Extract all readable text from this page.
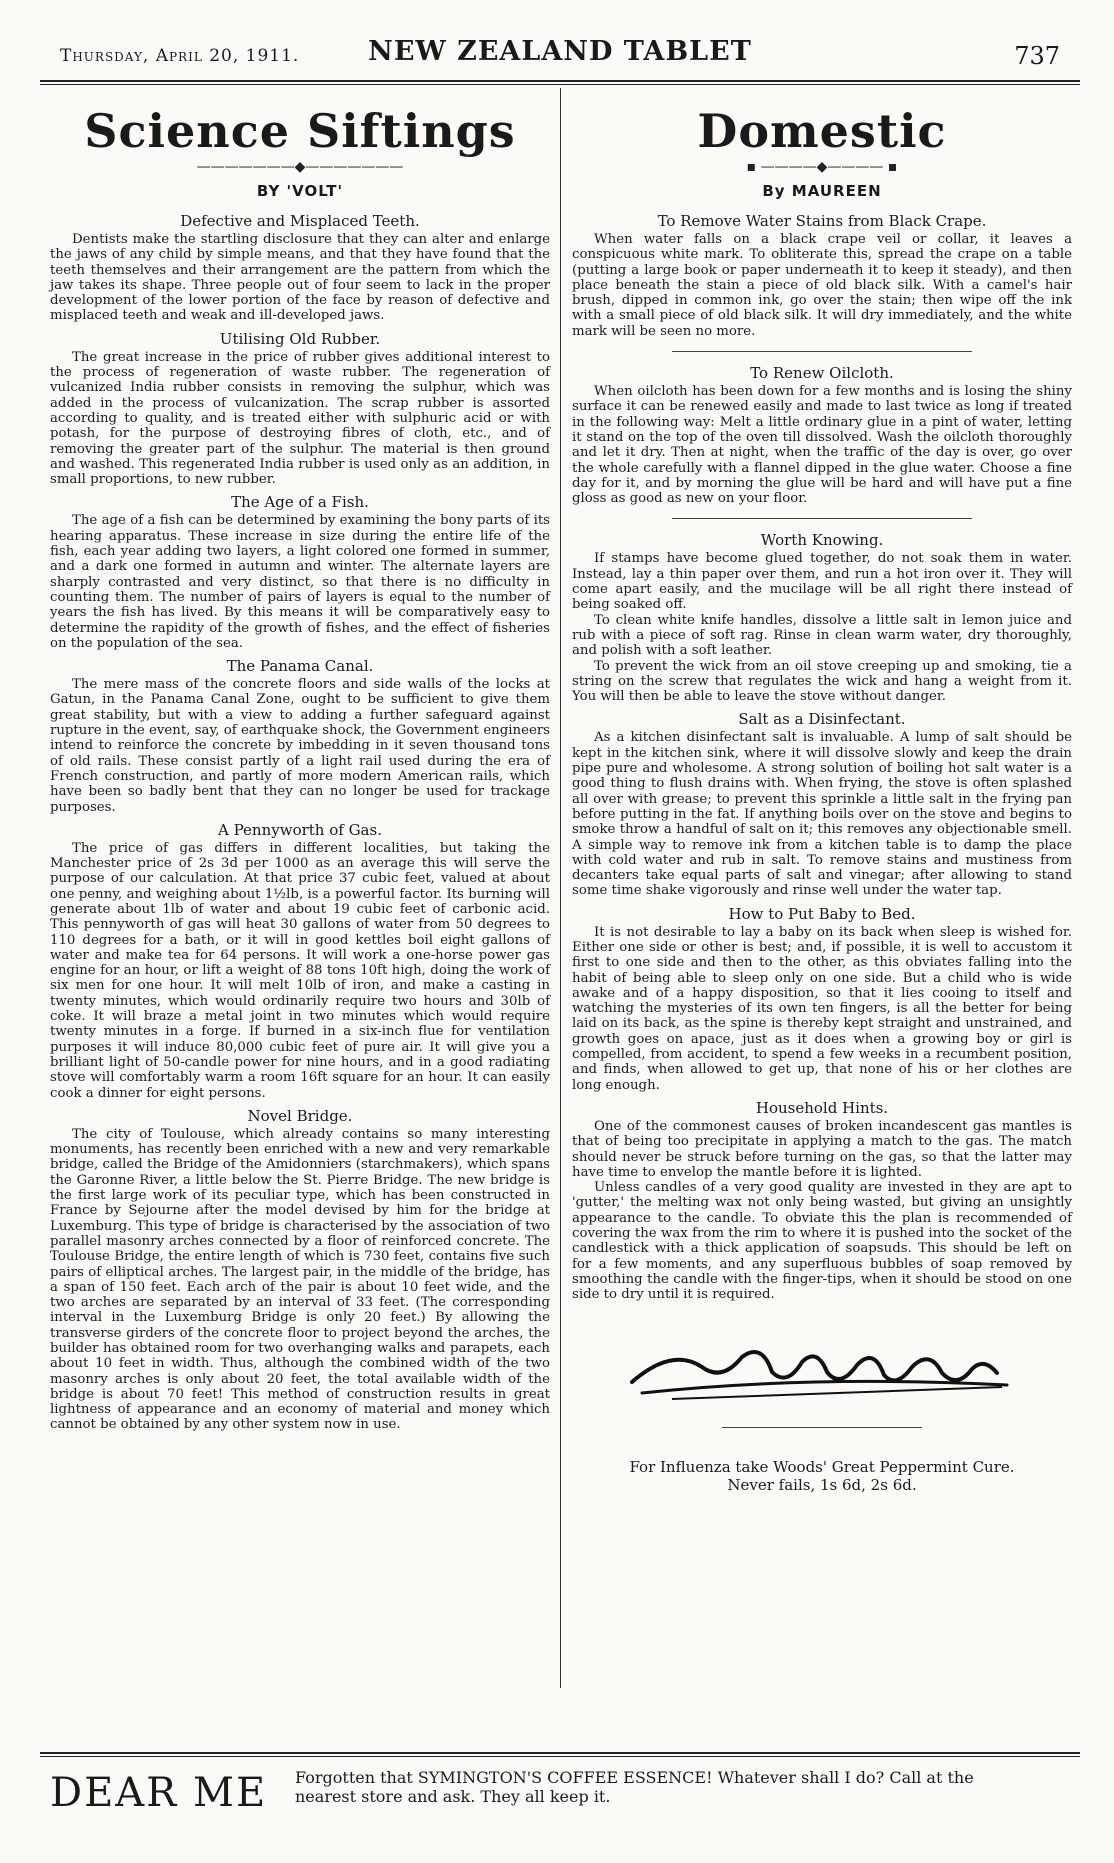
Thursday, April 20, 1911.	NEW ZEALAND TABLET	737
Science Siftings
———————◆———————
BY 'VOLT'
Defective and Misplaced Teeth.

Dentists make the startling disclosure that they can alter and enlarge the jaws of any child by simple means, and that they have found that the teeth themselves and their arrangement are the pattern from which the jaw takes its shape. Three people out of four seem to lack in the proper development of the lower portion of the face by reason of defective and misplaced teeth and weak and ill-developed jaws.

Utilising Old Rubber.

The great increase in the price of rubber gives additional interest to the process of regeneration of waste rubber. The regeneration of vulcanized India rubber consists in removing the sulphur, which was added in the process of vulcanization. The scrap rubber is assorted according to quality, and is treated either with sulphuric acid or with potash, for the purpose of destroying fibres of cloth, etc., and of removing the greater part of the sulphur. The material is then ground and washed. This regenerated India rubber is used only as an addition, in small proportions, to new rubber.

The Age of a Fish.

The age of a fish can be determined by examining the bony parts of its hearing apparatus. These increase in size during the entire life of the fish, each year adding two layers, a light colored one formed in summer, and a dark one formed in autumn and winter. The alternate layers are sharply contrasted and very distinct, so that there is no difficulty in counting them. The number of pairs of layers is equal to the number of years the fish has lived. By this means it will be comparatively easy to determine the rapidity of the growth of fishes, and the effect of fisheries on the population of the sea.

The Panama Canal.

The mere mass of the concrete floors and side walls of the locks at Gatun, in the Panama Canal Zone, ought to be sufficient to give them great stability, but with a view to adding a further safeguard against rupture in the event, say, of earthquake shock, the Government engineers intend to reinforce the concrete by imbedding in it seven thousand tons of old rails. These consist partly of a light rail used during the era of French construction, and partly of more modern American rails, which have been so badly bent that they can no longer be used for trackage purposes.

A Pennyworth of Gas.

The price of gas differs in different localities, but taking the Manchester price of 2s 3d per 1000 as an average this will serve the purpose of our calculation. At that price 37 cubic feet, valued at about one penny, and weighing about 1½lb, is a powerful factor. Its burning will generate about 1lb of water and about 19 cubic feet of carbonic acid. This pennyworth of gas will heat 30 gallons of water from 50 degrees to 110 degrees for a bath, or it will in good kettles boil eight gallons of water and make tea for 64 persons. It will work a one-horse power gas engine for an hour, or lift a weight of 88 tons 10ft high, doing the work of six men for one hour. It will melt 10lb of iron, and make a casting in twenty minutes, which would ordinarily require two hours and 30lb of coke. It will braze a metal joint in two minutes which would require twenty minutes in a forge. If burned in a six-inch flue for ventilation purposes it will induce 80,000 cubic feet of pure air. It will give you a brilliant light of 50-candle power for nine hours, and in a good radiating stove will comfortably warm a room 16ft square for an hour. It can easily cook a dinner for eight persons.

Novel Bridge.

The city of Toulouse, which already contains so many interesting monuments, has recently been enriched with a new and very remarkable bridge, called the Bridge of the Amidonniers (starchmakers), which spans the Garonne River, a little below the St. Pierre Bridge. The new bridge is the first large work of its peculiar type, which has been constructed in France by Sejourne after the model devised by him for the bridge at Luxemburg. This type of bridge is characterised by the association of two parallel masonry arches connected by a floor of reinforced concrete. The Toulouse Bridge, the entire length of which is 730 feet, contains five such pairs of elliptical arches. The largest pair, in the middle of the bridge, has a span of 150 feet. Each arch of the pair is about 10 feet wide, and the two arches are separated by an interval of 33 feet. (The corresponding interval in the Luxemburg Bridge is only 20 feet.) By allowing the transverse girders of the concrete floor to project beyond the arches, the builder has obtained room for two overhanging walks and parapets, each about 10 feet in width. Thus, although the combined width of the two masonry arches is only about 20 feet, the total available width of the bridge is about 70 feet! This method of construction results in great lightness of appearance and an economy of material and money which cannot be obtained by any other system now in use.

Domestic
▪ ————◆———— ▪
By MAUREEN
To Remove Water Stains from Black Crape.

When water falls on a black crape veil or collar, it leaves a conspicuous white mark. To obliterate this, spread the crape on a table (putting a large book or paper underneath it to keep it steady), and then place beneath the stain a piece of old black silk. With a camel's hair brush, dipped in common ink, go over the stain; then wipe off the ink with a small piece of old black silk. It will dry immediately, and the white mark will be seen no more.

To Renew Oilcloth.

When oilcloth has been down for a few months and is losing the shiny surface it can be renewed easily and made to last twice as long if treated in the following way: Melt a little ordinary glue in a pint of water, letting it stand on the top of the oven till dissolved. Wash the oilcloth thoroughly and let it dry. Then at night, when the traffic of the day is over, go over the whole carefully with a flannel dipped in the glue water. Choose a fine day for it, and by morning the glue will be hard and will have put a fine gloss as good as new on your floor.

Worth Knowing.

If stamps have become glued together, do not soak them in water. Instead, lay a thin paper over them, and run a hot iron over it. They will come apart easily, and the mucilage will be all right there instead of being soaked off.

To clean white knife handles, dissolve a little salt in lemon juice and rub with a piece of soft rag. Rinse in clean warm water, dry thoroughly, and polish with a soft leather.

To prevent the wick from an oil stove creeping up and smoking, tie a string on the screw that regulates the wick and hang a weight from it. You will then be able to leave the stove without danger.

Salt as a Disinfectant.

As a kitchen disinfectant salt is invaluable. A lump of salt should be kept in the kitchen sink, where it will dissolve slowly and keep the drain pipe pure and wholesome. A strong solution of boiling hot salt water is a good thing to flush drains with. When frying, the stove is often splashed all over with grease; to prevent this sprinkle a little salt in the frying pan before putting in the fat. If anything boils over on the stove and begins to smoke throw a handful of salt on it; this removes any objectionable smell. A simple way to remove ink from a kitchen table is to damp the place with cold water and rub in salt. To remove stains and mustiness from decanters take equal parts of salt and vinegar; after allowing to stand some time shake vigorously and rinse well under the water tap.

How to Put Baby to Bed.

It is not desirable to lay a baby on its back when sleep is wished for. Either one side or other is best; and, if possible, it is well to accustom it first to one side and then to the other, as this obviates falling into the habit of being able to sleep only on one side. But a child who is wide awake and of a happy disposition, so that it lies cooing to itself and watching the mysteries of its own ten fingers, is all the better for being laid on its back, as the spine is thereby kept straight and unstrained, and growth goes on apace, just as it does when a growing boy or girl is compelled, from accident, to spend a few weeks in a recumbent position, and finds, when allowed to get up, that none of his or her clothes are long enough.

Household Hints.

One of the commonest causes of broken incandescent gas mantles is that of being too precipitate in applying a match to the gas. The match should never be struck before turning on the gas, so that the latter may have time to envelop the mantle before it is lighted.

Unless candles of a very good quality are invested in they are apt to 'gutter,' the melting wax not only being wasted, but giving an unsightly appearance to the candle. To obviate this the plan is recommended of covering the wax from the rim to where it is pushed into the socket of the candlestick with a thick application of soapsuds. This should be left on for a few moments, and any superfluous bubbles of soap removed by smoothing the candle with the finger-tips, when it should be stood on one side to dry until it is required.

For Influenza take Woods' Great Peppermint Cure.
Never fails, 1s 6d, 2s 6d.
DEAR ME Forgotten that SYMINGTON'S COFFEE ESSENCE! Whatever shall I do? Call at the nearest store and ask. They all keep it.
